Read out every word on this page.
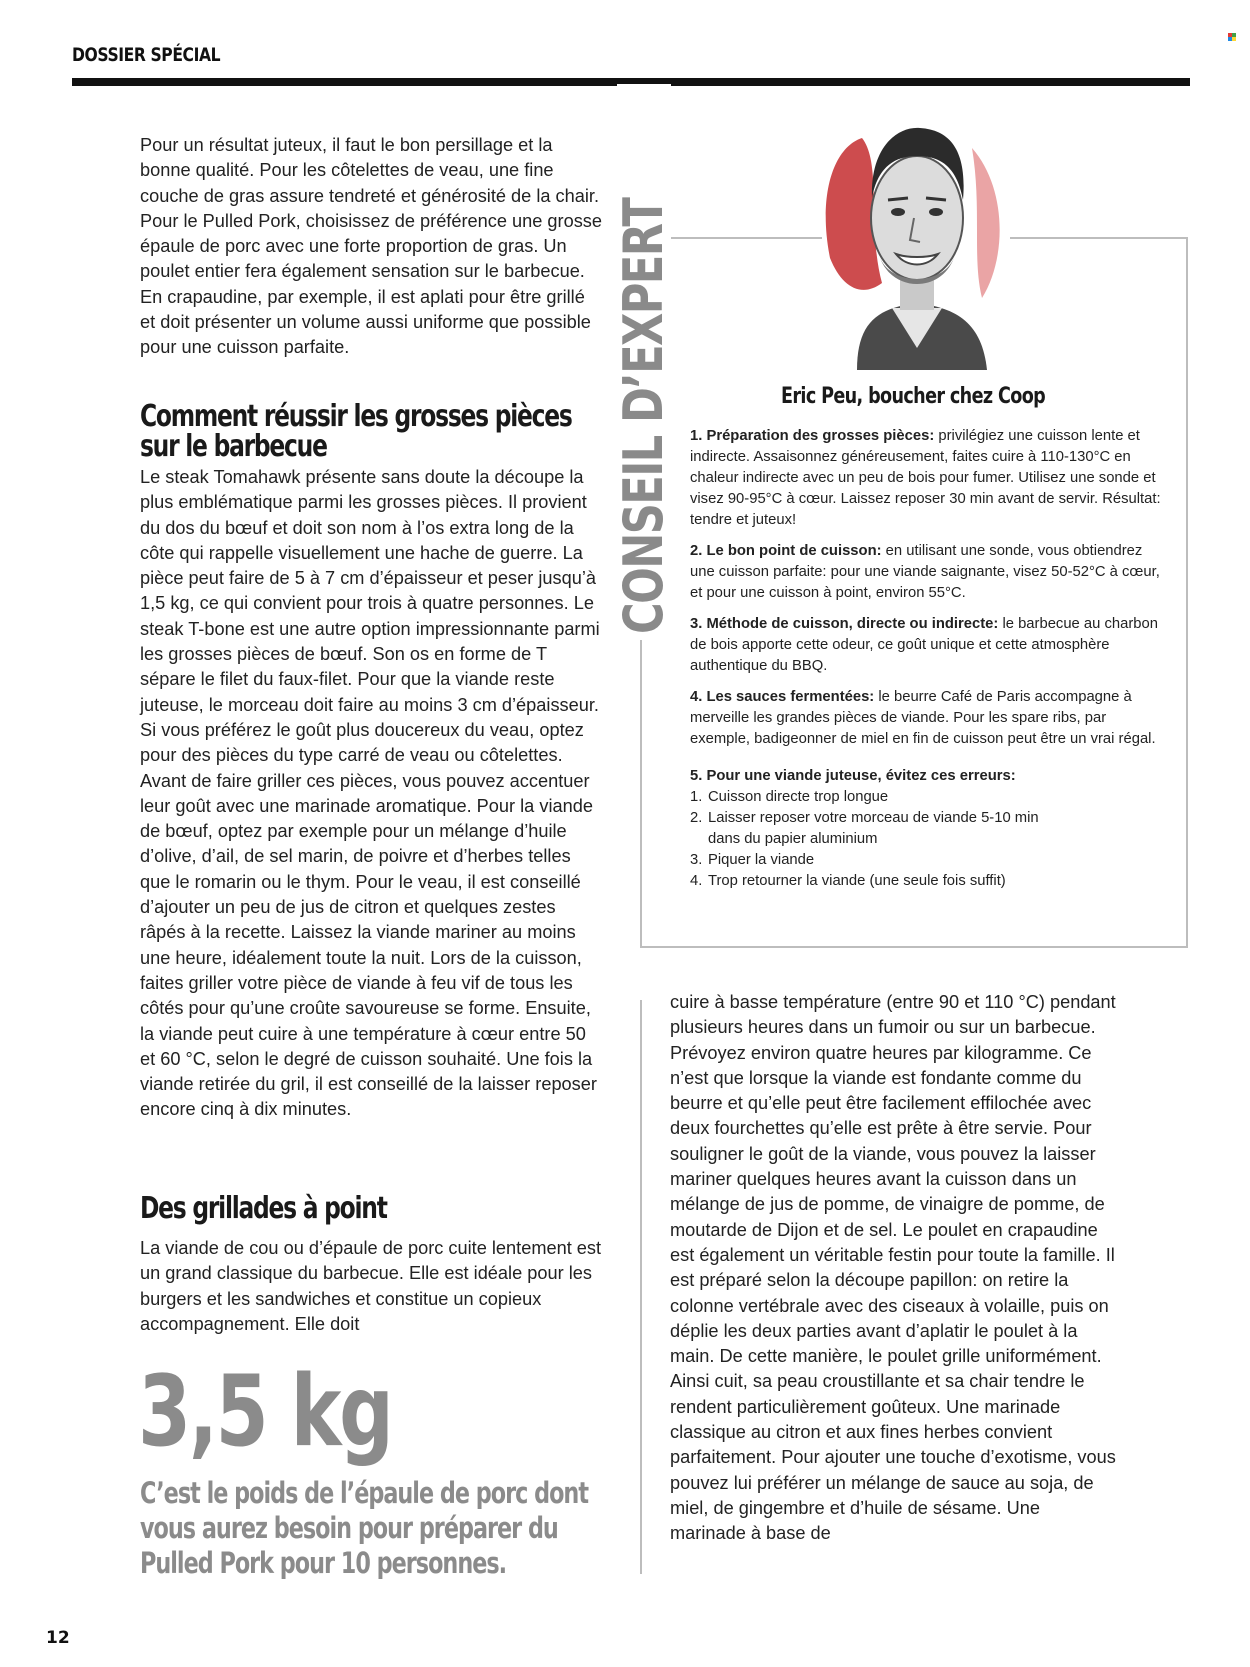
DOSSIER SPÉCIAL

Pour un résultat juteux, il faut le bon persillage et la bonne qualité. Pour les côtelettes de veau, une fine couche de gras assure tendreté et générosité de la chair. Pour le Pulled Pork, choisissez de préférence une grosse épaule de porc avec une forte proportion de gras. Un poulet entier fera également sensation sur le barbecue. En crapaudine, par exemple, il est aplati pour être grillé et doit présenter un volume aussi uniforme que possible pour une cuisson parfaite.

Comment réussir les grosses pièces sur le barbecue

Le steak Tomahawk présente sans doute la découpe la plus emblématique parmi les grosses pièces. Il provient du dos du bœuf et doit son nom à l’os extra long de la côte qui rappelle visuellement une hache de guerre. La pièce peut faire de 5 à 7 cm d’épaisseur et peser jusqu’à 1,5 kg, ce qui convient pour trois à quatre personnes. Le steak T-bone est une autre option impressionnante parmi les grosses pièces de bœuf. Son os en forme de T sépare le filet du faux-filet. Pour que la viande reste juteuse, le morceau doit faire au moins 3 cm d’épaisseur. Si vous préférez le goût plus doucereux du veau, optez pour des pièces du type carré de veau ou côtelettes. Avant de faire griller ces pièces, vous pouvez accentuer leur goût avec une marinade aromatique. Pour la viande de bœuf, optez par exemple pour un mélange d’huile d’olive, d’ail, de sel marin, de poivre et d’herbes telles que le romarin ou le thym. Pour le veau, il est conseillé d’ajouter un peu de jus de citron et quelques zestes râpés à la recette. Laissez la viande mariner au moins une heure, idéalement toute la nuit. Lors de la cuisson, faites griller votre pièce de viande à feu vif de tous les côtés pour qu’une croûte savoureuse se forme. Ensuite, la viande peut cuire à une température à cœur entre 50 et 60 °C, selon le degré de cuisson souhaité. Une fois la viande retirée du gril, il est conseillé de la laisser reposer encore cinq à dix minutes.

Des grillades à point

La viande de cou ou d’épaule de porc cuite lentement est un grand classique du barbecue. Elle est idéale pour les burgers et les sandwiches et constitue un copieux accompagnement. Elle doit

3,5 kg
C’est le poids de l’épaule de porc dont vous aurez besoin pour préparer du Pulled Pork pour 10 personnes.
CONSEIL D’EXPERT	Eric Peu, boucher chez Coop

1. Préparation des grosses pièces: privilégiez une cuisson lente et indirecte. Assaisonnez généreusement, faites cuire à 110-130°C en chaleur indirecte avec un peu de bois pour fumer. Utilisez une sonde et visez 90-95°C à cœur. Laissez reposer 30 min avant de servir. Résultat: tendre et juteux!

2. Le bon point de cuisson: en utilisant une sonde, vous obtiendrez une cuisson parfaite: pour une viande saignante, visez 50-52°C à cœur, et pour une cuisson à point, environ 55°C.

3. Méthode de cuisson, directe ou indirecte: le barbecue au charbon de bois apporte cette odeur, ce goût unique et cette atmosphère authentique du BBQ.

4. Les sauces fermentées: le beurre Café de Paris accompagne à merveille les grandes pièces de viande. Pour les spare ribs, par exemple, badigeonner de miel en fin de cuisson peut être un vrai régal.

5. Pour une viande juteuse, évitez ces erreurs:

1. Cuisson directe trop longue
2. Laisser reposer votre morceau de viande 5-10 min
dans du papier aluminium
3. Piquer la viande
4. Trop retourner la viande (une seule fois suffit)

cuire à basse température (entre 90 et 110 °C) pendant plusieurs heures dans un fumoir ou sur un barbecue. Prévoyez environ quatre heures par kilogramme. Ce n’est que lorsque la viande est fondante comme du beurre et qu’elle peut être facilement effilochée avec deux fourchettes qu’elle est prête à être servie. Pour souligner le goût de la viande, vous pouvez la laisser mariner quelques heures avant la cuisson dans un mélange de jus de pomme, de vinaigre de pomme, de moutarde de Dijon et de sel. Le poulet en crapaudine est également un véritable festin pour toute la famille. Il est préparé selon la découpe papillon: on retire la colonne vertébrale avec des ciseaux à volaille, puis on déplie les deux parties avant d’aplatir le poulet à la main. De cette manière, le poulet grille uniformément. Ainsi cuit, sa peau croustillante et sa chair tendre le rendent particulièrement goûteux. Une marinade classique au citron et aux fines herbes convient parfaitement. Pour ajouter une touche d’exotisme, vous pouvez lui préférer un mélange de sauce au soja, de miel, de gingembre et d’huile de sésame. Une marinade à base de

12
